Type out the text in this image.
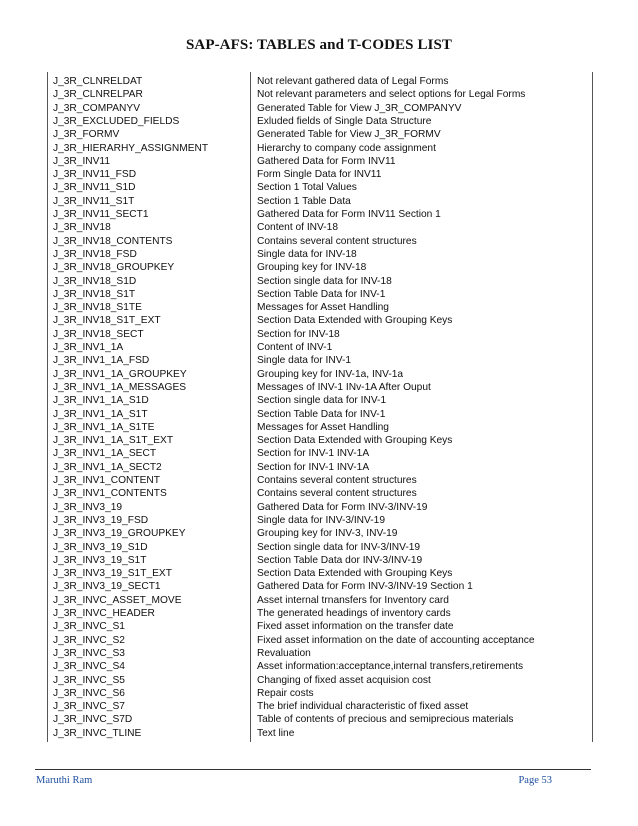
SAP-AFS: TABLES and T-CODES LIST
J_3R_CLNRELDAT	Not relevant gathered data of Legal Forms
J_3R_CLNRELPAR	Not relevant parameters and select options for Legal Forms
J_3R_COMPANYV	Generated Table for View J_3R_COMPANYV
J_3R_EXCLUDED_FIELDS	Exluded fields of Single Data Structure
J_3R_FORMV	Generated Table for View J_3R_FORMV
J_3R_HIERARHY_ASSIGNMENT	Hierarchy to company code assignment
J_3R_INV11	Gathered Data for Form INV11
J_3R_INV11_FSD	Form Single Data for INV11
J_3R_INV11_S1D	Section 1 Total Values
J_3R_INV11_S1T	Section 1 Table Data
J_3R_INV11_SECT1	Gathered Data for Form INV11 Section 1
J_3R_INV18	Content of INV-18
J_3R_INV18_CONTENTS	Contains several content structures
J_3R_INV18_FSD	Single data for INV-18
J_3R_INV18_GROUPKEY	Grouping key for INV-18
J_3R_INV18_S1D	Section single data for INV-18
J_3R_INV18_S1T	Section Table Data for INV-1
J_3R_INV18_S1TE	Messages for Asset Handling
J_3R_INV18_S1T_EXT	Section Data Extended with Grouping Keys
J_3R_INV18_SECT	Section for INV-18
J_3R_INV1_1A	Content of INV-1
J_3R_INV1_1A_FSD	Single data for INV-1
J_3R_INV1_1A_GROUPKEY	Grouping key for INV-1a, INV-1a
J_3R_INV1_1A_MESSAGES	Messages of INV-1 INv-1A After Ouput
J_3R_INV1_1A_S1D	Section single data for INV-1
J_3R_INV1_1A_S1T	Section Table Data for INV-1
J_3R_INV1_1A_S1TE	Messages for Asset Handling
J_3R_INV1_1A_S1T_EXT	Section Data Extended with Grouping Keys
J_3R_INV1_1A_SECT	Section for INV-1 INV-1A
J_3R_INV1_1A_SECT2	Section for INV-1 INV-1A
J_3R_INV1_CONTENT	Contains several content structures
J_3R_INV1_CONTENTS	Contains several content structures
J_3R_INV3_19	Gathered Data for Form INV-3/INV-19
J_3R_INV3_19_FSD	Single data for INV-3/INV-19
J_3R_INV3_19_GROUPKEY	Grouping key for INV-3, INV-19
J_3R_INV3_19_S1D	Section single data for INV-3/INV-19
J_3R_INV3_19_S1T	Section Table Data dor INV-3/INV-19
J_3R_INV3_19_S1T_EXT	Section Data Extended with Grouping Keys
J_3R_INV3_19_SECT1	Gathered Data for Form INV-3/INV-19 Section 1
J_3R_INVC_ASSET_MOVE	Asset internal trnansfers for Inventory card
J_3R_INVC_HEADER	The generated headings of inventory cards
J_3R_INVC_S1	Fixed asset information on the transfer date
J_3R_INVC_S2	Fixed asset information on the date of accounting acceptance
J_3R_INVC_S3	Revaluation
J_3R_INVC_S4	Asset information:acceptance,internal transfers,retirements
J_3R_INVC_S5	Changing of fixed asset acquision cost
J_3R_INVC_S6	Repair costs
J_3R_INVC_S7	The brief individual characteristic of fixed asset
J_3R_INVC_S7D	Table of contents of precious and semiprecious materials
J_3R_INVC_TLINE	Text line
Maruthi Ram	Page 53
